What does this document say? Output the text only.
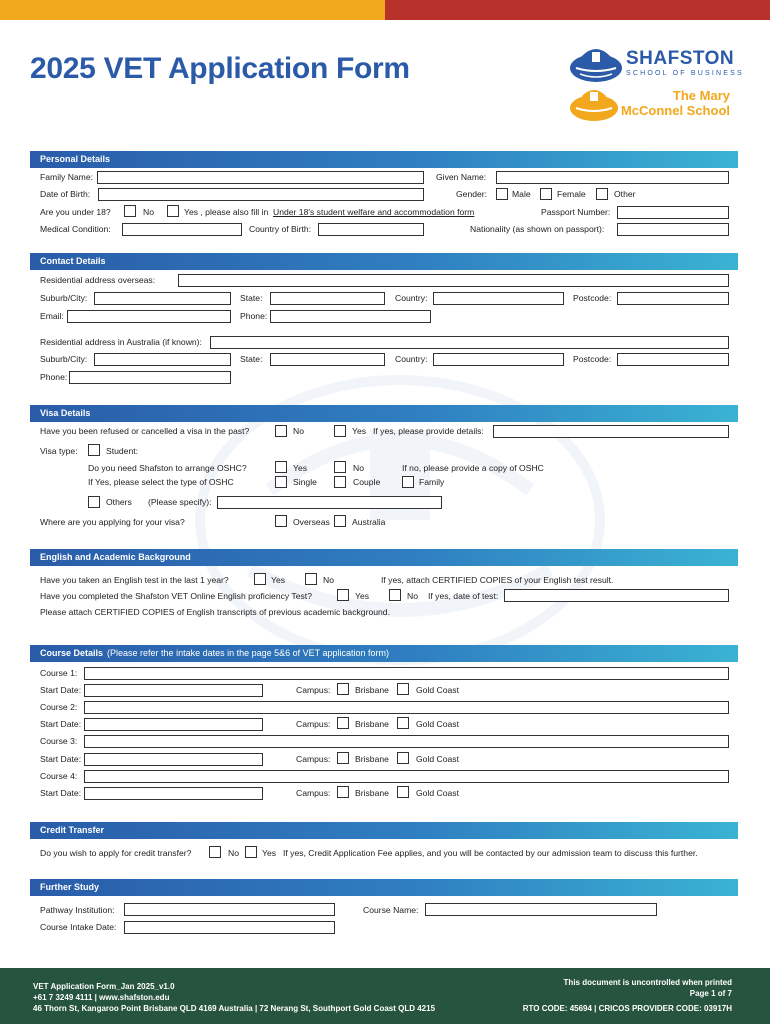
2025 VET Application Form	SHAFSTON
SCHOOL OF BUSINESS
The Mary
McConnel School
Personal Details
Family Name:	Given Name:
Date of Birth:	Gender:	Male	Female	Other
Are you under 18?	No	Yes , please also fill in Under 18's student welfare and accommodation form	Passport Number:
Medical Condition:	Country of Birth:	Nationality (as shown on passport):
Contact Details
Residential address overseas:
Suburb/City:	State:	Country:	Postcode:
Email:	Phone:
Residential address in Australia (if known):
Suburb/City:	State:	Country:	Postcode:
Phone:
Visa Details
Have you been refused or cancelled a visa in the past?	No	Yes If yes, please provide details:
Visa type:	Student:
Do you need Shafston to arrange OSHC?	Yes	No	If no, please provide a copy of OSHC
If Yes, please select the type of OSHC	Single	Couple	Family
Others (Please specify):
Where are you applying for your visa?	Overseas	Australia
English and Academic Background
Have you taken an English test in the last 1 year?	Yes	No	If yes, attach CERTIFIED COPIES of your English test result.
Have you completed the Shafston VET Online English proficiency Test?	Yes	No If yes, date of test:
Please attach CERTIFIED COPIES of English transcripts of previous academic background.
Course Details (Please refer the intake dates in the page 5&6 of VET application form)
Course 1:
Start Date:	Campus:	Brisbane	Gold Coast
Course 2:
Start Date:	Campus:	Brisbane	Gold Coast
Course 3:
Start Date:	Campus:	Brisbane	Gold Coast
Course 4:
Start Date:	Campus:	Brisbane	Gold Coast
Credit Transfer
Do you wish to apply for credit transfer?	No	Yes If yes, Credit Application Fee applies, and you will be contacted by our admission team to discuss this further.
Further Study
Pathway Institution:	Course Name:
Course Intake Date:
VET Application Form_Jan 2025_v1.0
+61 7 3249 4111 | www.shafston.edu
46 Thorn St, Kangaroo Point Brisbane QLD 4169 Australia | 72 Nerang St, Southport Gold Coast QLD 4215
This document is uncontrolled when printed
Page 1 of 7
RTO CODE: 45694 | CRICOS PROVIDER CODE: 03917H
